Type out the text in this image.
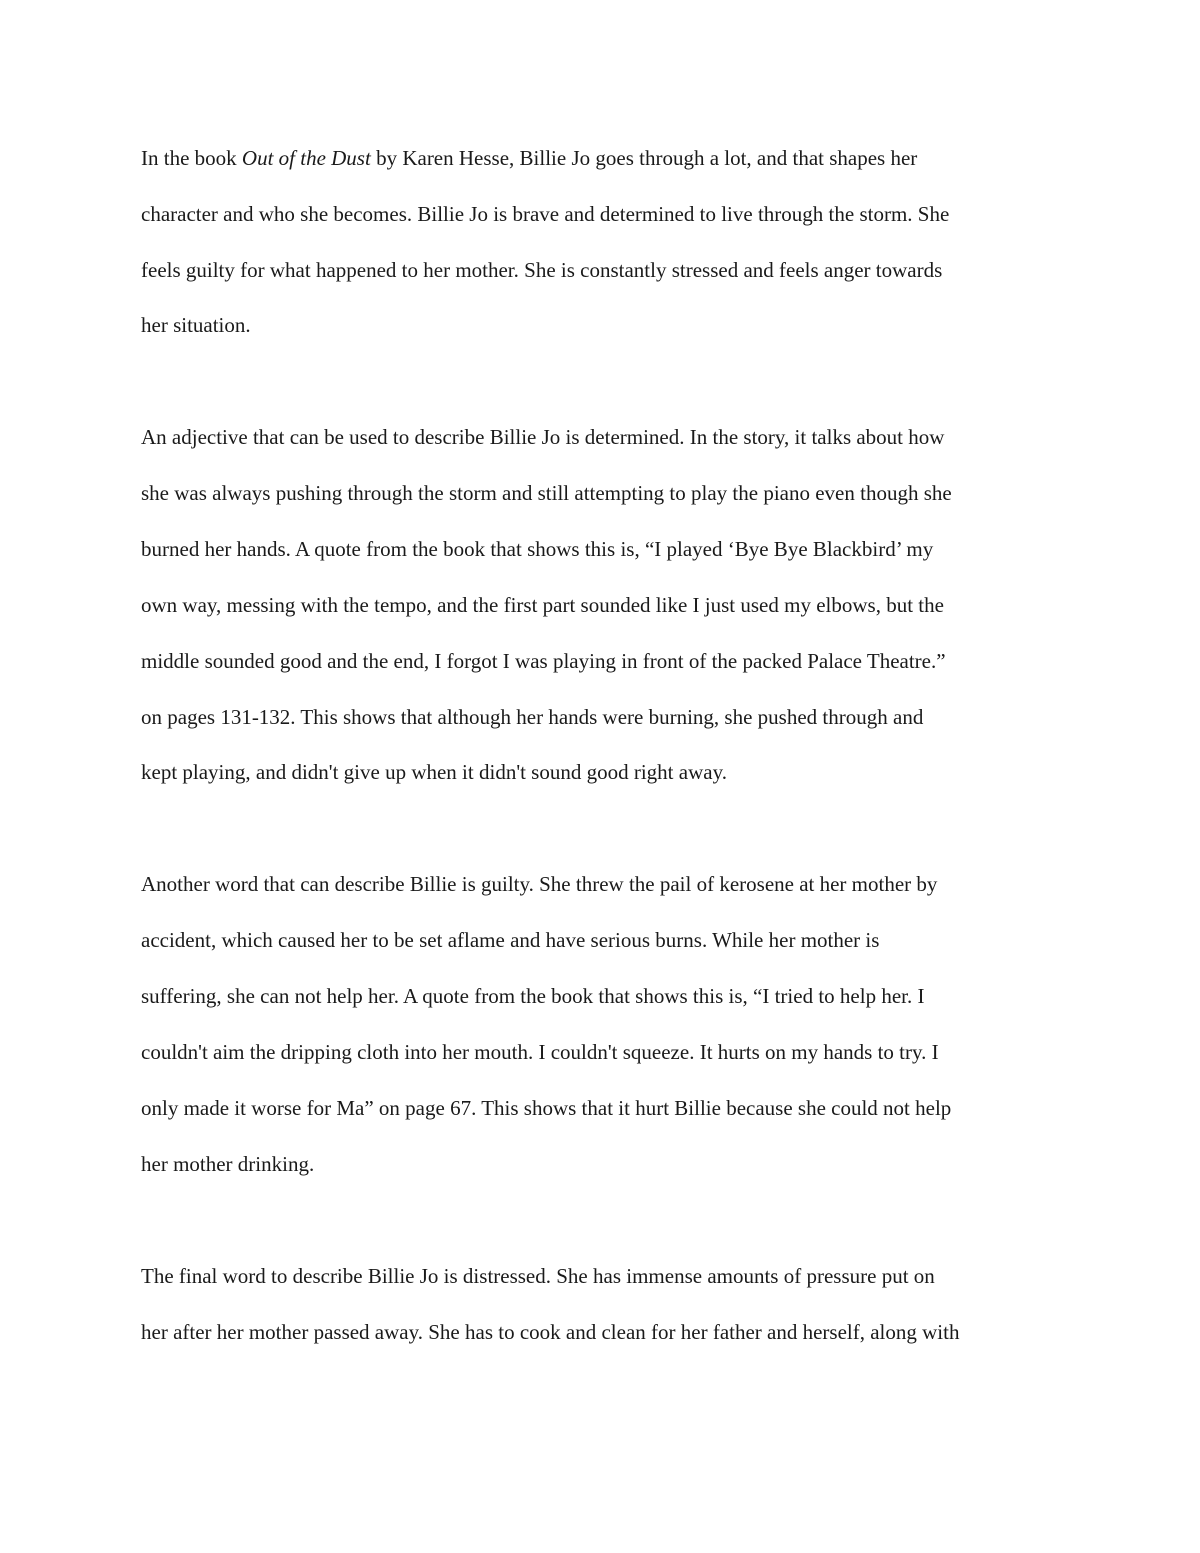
In the book Out of the Dust by Karen Hesse, Billie Jo goes through a lot, and that shapes her
character and who she becomes. Billie Jo is brave and determined to live through the storm. She
feels guilty for what happened to her mother. She is constantly stressed and feels anger towards
her situation.
An adjective that can be used to describe Billie Jo is determined. In the story, it talks about how
she was always pushing through the storm and still attempting to play the piano even though she
burned her hands. A quote from the book that shows this is, “I played ‘Bye Bye Blackbird’ my
own way, messing with the tempo, and the first part sounded like I just used my elbows, but the
middle sounded good and the end, I forgot I was playing in front of the packed Palace Theatre.”
on pages 131-132. This shows that although her hands were burning, she pushed through and
kept playing, and didn't give up when it didn't sound good right away.
Another word that can describe Billie is guilty. She threw the pail of kerosene at her mother by
accident, which caused her to be set aflame and have serious burns. While her mother is
suffering, she can not help her. A quote from the book that shows this is, “I tried to help her. I
couldn't aim the dripping cloth into her mouth. I couldn't squeeze. It hurts on my hands to try. I
only made it worse for Ma” on page 67. This shows that it hurt Billie because she could not help
her mother drinking.
The final word to describe Billie Jo is distressed. She has immense amounts of pressure put on
her after her mother passed away. She has to cook and clean for her father and herself, along with
